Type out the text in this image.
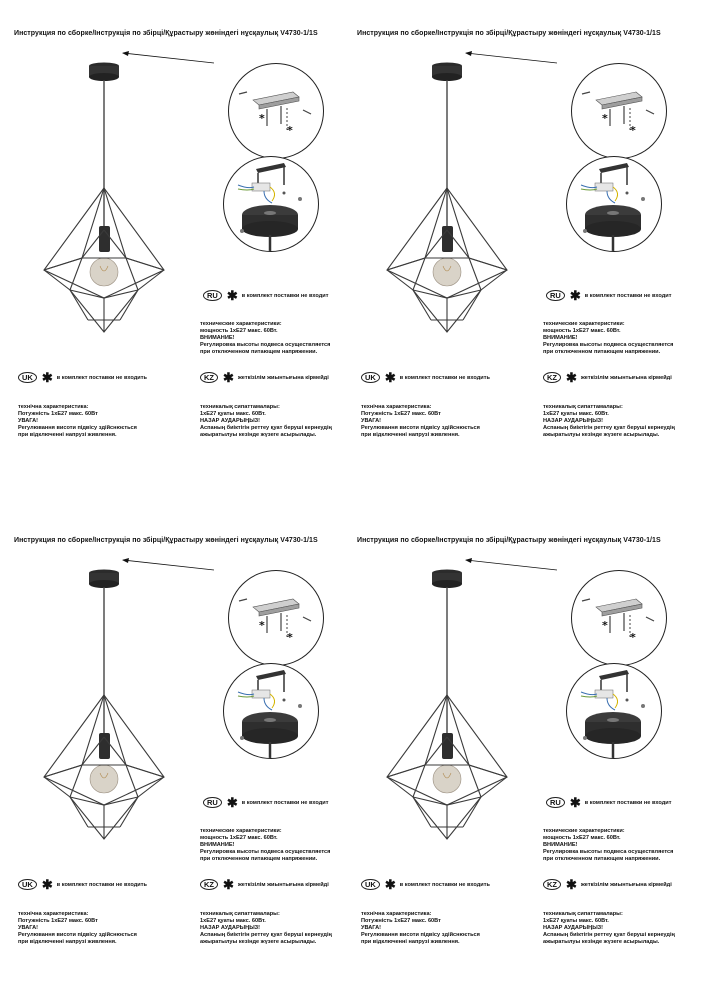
Инструкция по сборке/Інструкція по збірці/Құрастыру жөніндегі нұсқаулық V4730-1/1S
*
*
RU ✱ в комплект поставки не входит
технические характеристики:
мощность 1хЕ27 макс. 60Вт.
ВНИМАНИЕ!
Регулировка высоты подвеса осуществляется
при отключенном питающем напряжении.
UK ✱ в комплект поставки не входить	KZ ✱ жеткізілім жиынтығына кірмейді
технічна характеристика:
Потужність 1хЕ27 макс. 60Вт
УВАГА!
Регулювання висоти підвісу здійснюється
при відключенні напрузі живлення.
техникалық сипаттамалары:
1хЕ27 қуаты макс. 60Вт.
НАЗАР АУДАРЫҢЫЗ!
Аспаның биіктігін реттеу қуат беруші кернеудің
ажыратылуы кезінде жүзеге асырылады.
Инструкция по сборке/Інструкція по збірці/Құрастыру жөніндегі нұсқаулық V4730-1/1S
*
*
RU ✱ в комплект поставки не входит
технические характеристики:
мощность 1хЕ27 макс. 60Вт.
ВНИМАНИЕ!
Регулировка высоты подвеса осуществляется
при отключенном питающем напряжении.
UK ✱ в комплект поставки не входить	KZ ✱ жеткізілім жиынтығына кірмейді
технічна характеристика:
Потужність 1хЕ27 макс. 60Вт
УВАГА!
Регулювання висоти підвісу здійснюється
при відключенні напрузі живлення.
техникалық сипаттамалары:
1хЕ27 қуаты макс. 60Вт.
НАЗАР АУДАРЫҢЫЗ!
Аспаның биіктігін реттеу қуат беруші кернеудің
ажыратылуы кезінде жүзеге асырылады.
Инструкция по сборке/Інструкція по збірці/Құрастыру жөніндегі нұсқаулық V4730-1/1S
*
*
RU ✱ в комплект поставки не входит
технические характеристики:
мощность 1хЕ27 макс. 60Вт.
ВНИМАНИЕ!
Регулировка высоты подвеса осуществляется
при отключенном питающем напряжении.
UK ✱ в комплект поставки не входить	KZ ✱ жеткізілім жиынтығына кірмейді
технічна характеристика:
Потужність 1хЕ27 макс. 60Вт
УВАГА!
Регулювання висоти підвісу здійснюється
при відключенні напрузі живлення.
техникалық сипаттамалары:
1хЕ27 қуаты макс. 60Вт.
НАЗАР АУДАРЫҢЫЗ!
Аспаның биіктігін реттеу қуат беруші кернеудің
ажыратылуы кезінде жүзеге асырылады.
Инструкция по сборке/Інструкція по збірці/Құрастыру жөніндегі нұсқаулық V4730-1/1S
*
*
RU ✱ в комплект поставки не входит
технические характеристики:
мощность 1хЕ27 макс. 60Вт.
ВНИМАНИЕ!
Регулировка высоты подвеса осуществляется
при отключенном питающем напряжении.
UK ✱ в комплект поставки не входить	KZ ✱ жеткізілім жиынтығына кірмейді
технічна характеристика:
Потужність 1хЕ27 макс. 60Вт
УВАГА!
Регулювання висоти підвісу здійснюється
при відключенні напрузі живлення.
техникалық сипаттамалары:
1хЕ27 қуаты макс. 60Вт.
НАЗАР АУДАРЫҢЫЗ!
Аспаның биіктігін реттеу қуат беруші кернеудің
ажыратылуы кезінде жүзеге асырылады.
